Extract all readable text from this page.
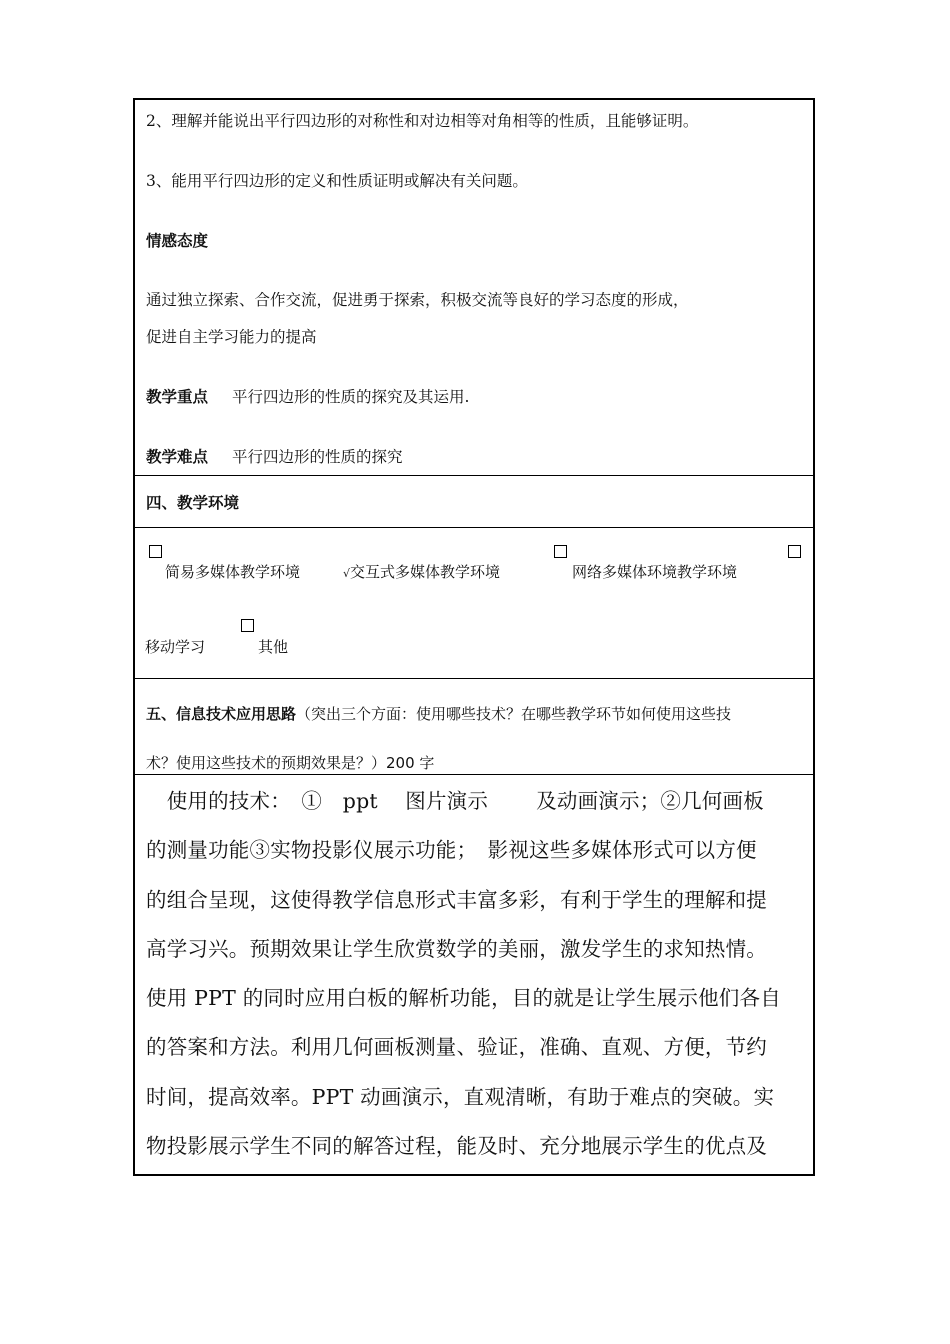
2、理解并能说出平行四边形的对称性和对边相等对角相等的性质，且能够证明。
3、能用平行四边形的定义和性质证明或解决有关问题。
情感态度
通过独立探索、合作交流，促进勇于探索，积极交流等良好的学习态度的形成，
促进自主学习能力的提高
教学重点 平行四边形的性质的探究及其运用.
教学难点 平行四边形的性质的探究
四、教学环境
简易多媒体教学环境	√交互式多媒体教学环境	网络多媒体环境教学环境
移动学习	其他
五、信息技术应用思路（突出三个方面：使用哪些技术？在哪些教学环节如何使用这些技
术？使用这些技术的预期效果是？）200 字
　使用的技术：　①　ppt　 图片演示　　 及动画演示；②几何画板
的测量功能③实物投影仪展示功能；　影视这些多媒体形式可以方便
的组合呈现，这使得教学信息形式丰富多彩，有利于学生的理解和提
高学习兴。预期效果让学生欣赏数学的美丽，激发学生的求知热情。
使用 PPT 的同时应用白板的解析功能，目的就是让学生展示他们各自
的答案和方法。利用几何画板测量、验证，准确、直观、方便，节约
时间，提高效率。PPT 动画演示，直观清晰，有助于难点的突破。实
物投影展示学生不同的解答过程，能及时、充分地展示学生的优点及
